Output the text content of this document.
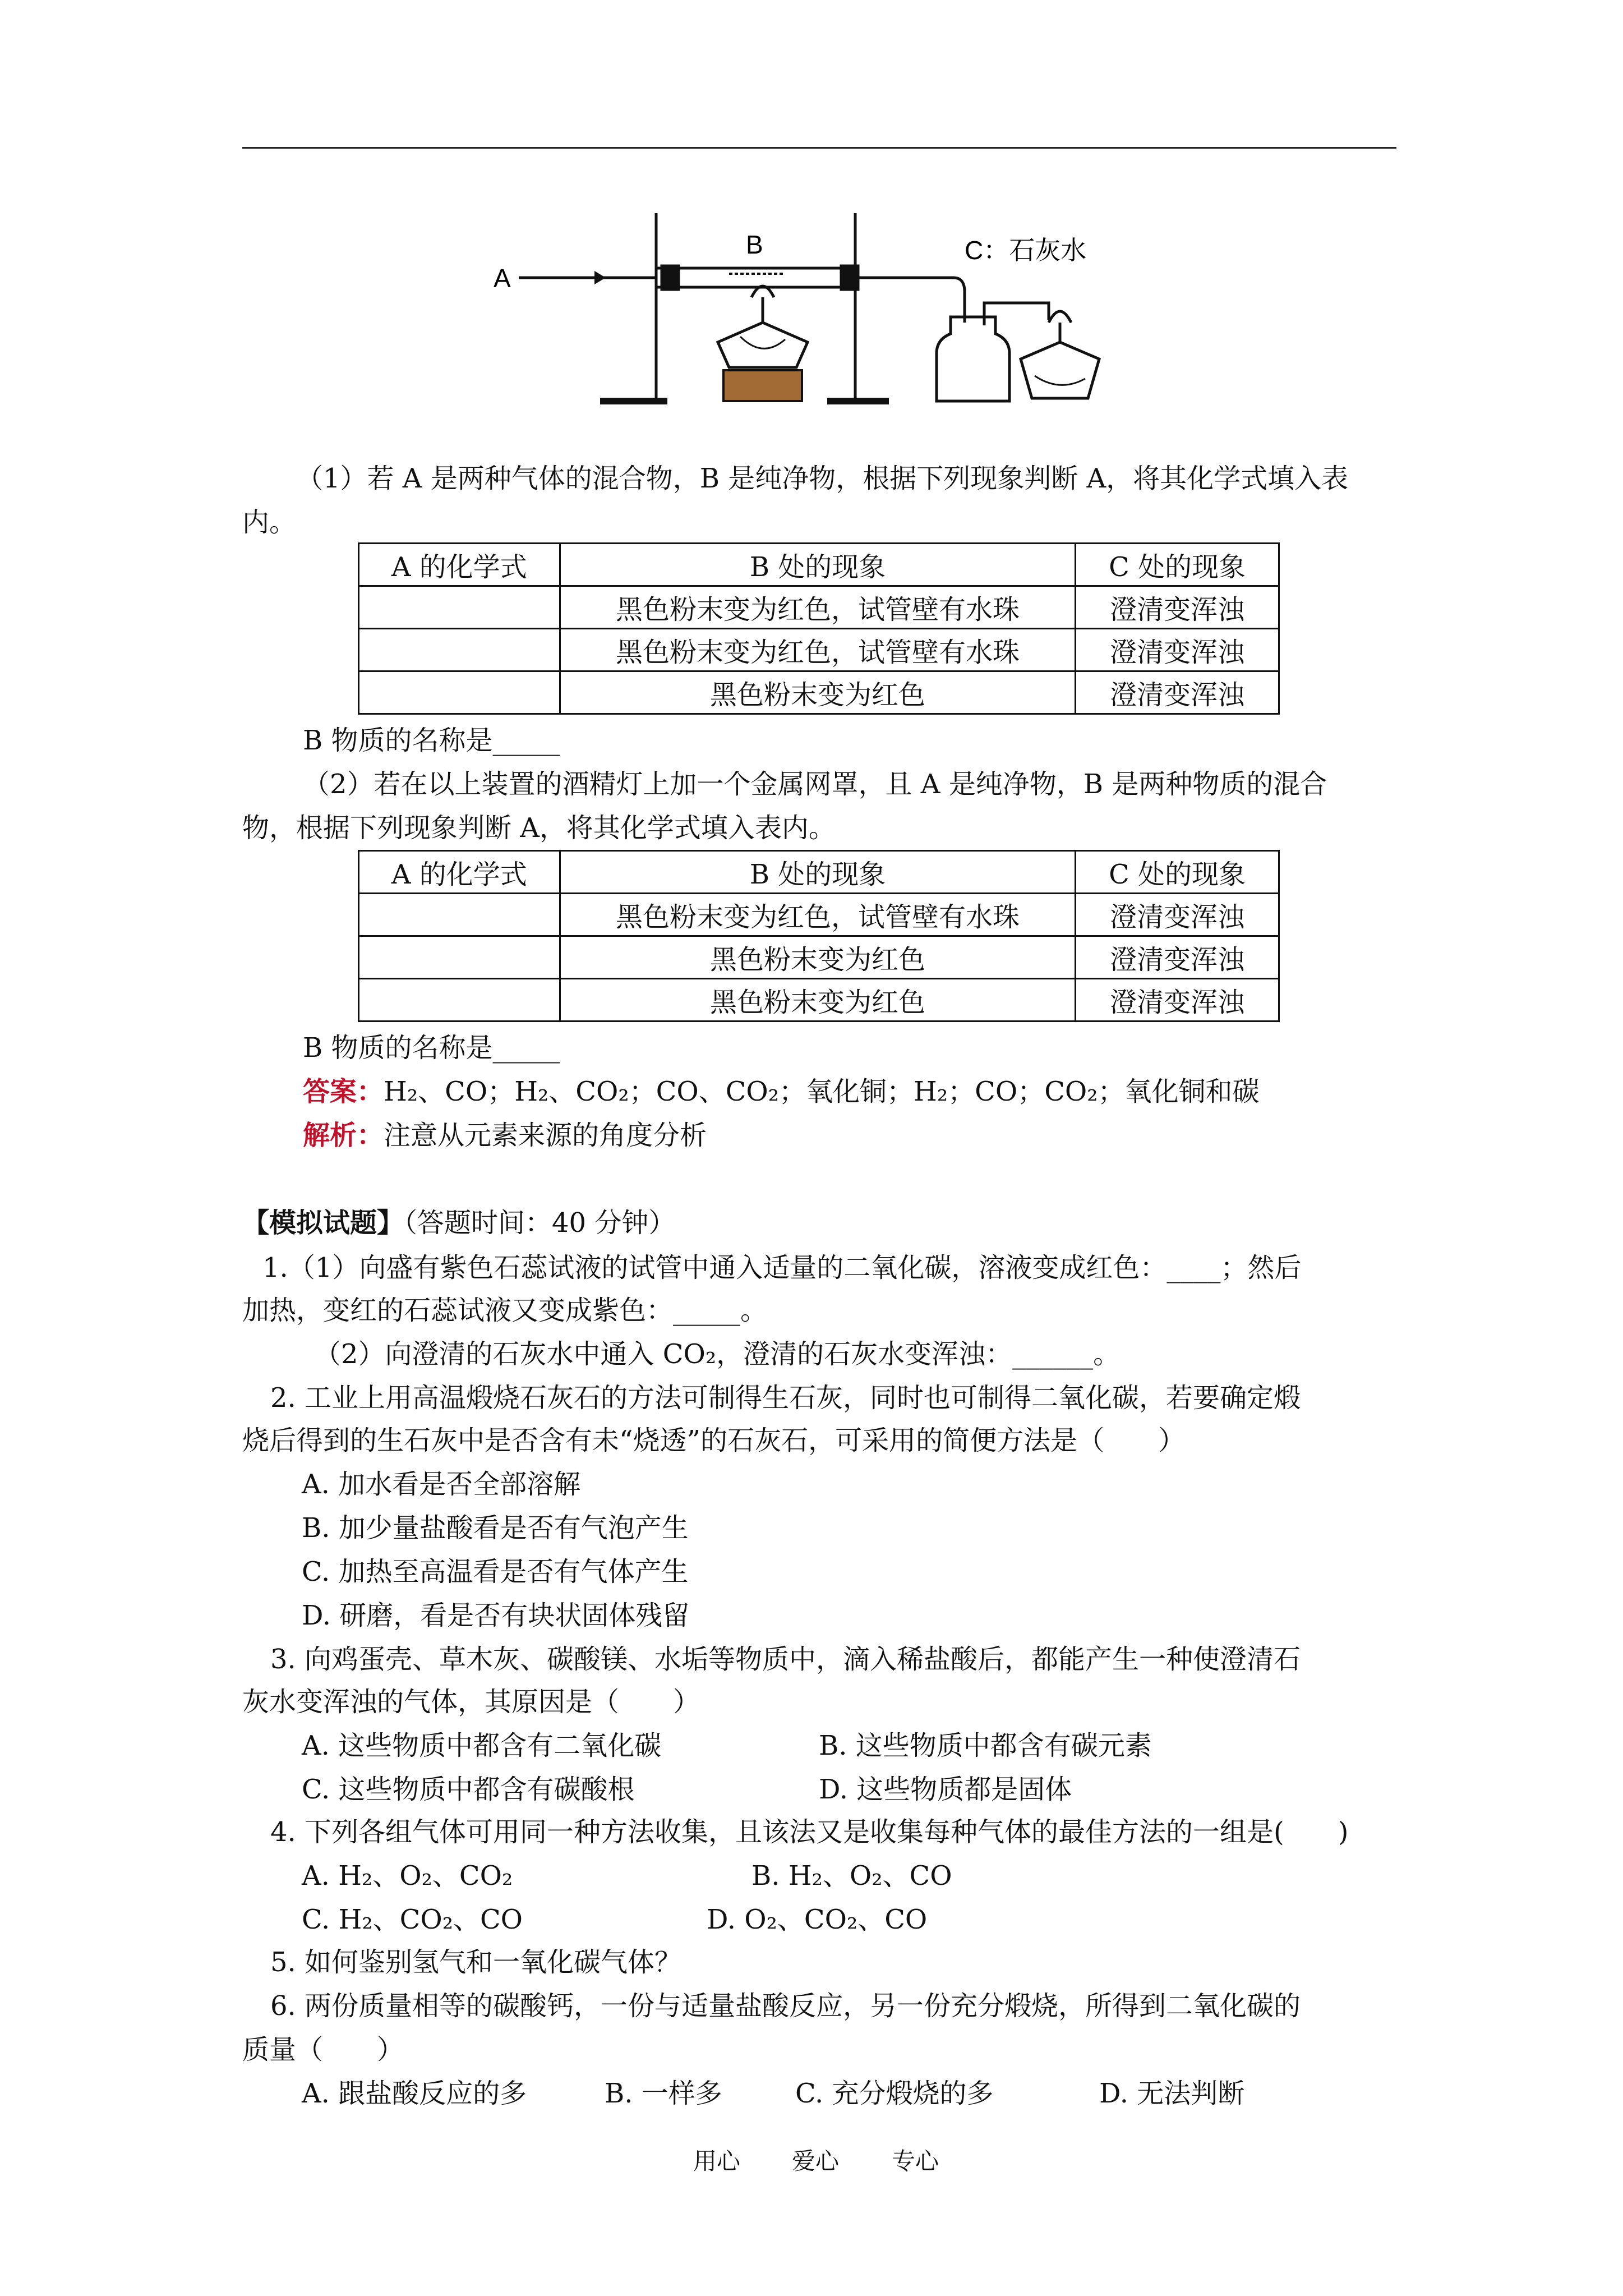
A
B	C：石灰水
（1）若 A 是两种气体的混合物，B 是纯净物，根据下列现象判断 A，将其化学式填入表
内。
A 的化学式	B 处的现象	C 处的现象
	黑色粉末变为红色，试管壁有水珠	澄清变浑浊
	黑色粉末变为红色，试管壁有水珠	澄清变浑浊
	黑色粉末变为红色	澄清变浑浊
B 物质的名称是_____
（2）若在以上装置的酒精灯上加一个金属网罩，且 A 是纯净物，B 是两种物质的混合
物，根据下列现象判断 A，将其化学式填入表内。
A 的化学式	B 处的现象	C 处的现象
	黑色粉末变为红色，试管壁有水珠	澄清变浑浊
	黑色粉末变为红色	澄清变浑浊
	黑色粉末变为红色	澄清变浑浊
B 物质的名称是_____
答案：H₂、CO；H₂、CO₂；CO、CO₂；氧化铜；H₂；CO；CO₂；氧化铜和碳
解析：注意从元素来源的角度分析
【模拟试题】（答题时间：40 分钟）
1.（1）向盛有紫色石蕊试液的试管中通入适量的二氧化碳，溶液变成红色：____；然后
加热，变红的石蕊试液又变成紫色：_____。
（2）向澄清的石灰水中通入 CO₂，澄清的石灰水变浑浊：______。
2. 工业上用高温煅烧石灰石的方法可制得生石灰，同时也可制得二氧化碳，若要确定煅
烧后得到的生石灰中是否含有未“烧透”的石灰石，可采用的简便方法是（　　）
A. 加水看是否全部溶解
B. 加少量盐酸看是否有气泡产生
C. 加热至高温看是否有气体产生
D. 研磨，看是否有块状固体残留
3. 向鸡蛋壳、草木灰、碳酸镁、水垢等物质中，滴入稀盐酸后，都能产生一种使澄清石
灰水变浑浊的气体，其原因是（　　）
A. 这些物质中都含有二氧化碳	B. 这些物质中都含有碳元素
C. 这些物质中都含有碳酸根	D. 这些物质都是固体
4. 下列各组气体可用同一种方法收集，且该法又是收集每种气体的最佳方法的一组是(　　)
A. H₂、O₂、CO₂	B. H₂、O₂、CO
C. H₂、CO₂、CO	D. O₂、CO₂、CO
5. 如何鉴别氢气和一氧化碳气体？
6. 两份质量相等的碳酸钙，一份与适量盐酸反应，另一份充分煅烧，所得到二氧化碳的
质量（　　）
A. 跟盐酸反应的多	B. 一样多	C. 充分煅烧的多	D. 无法判断
用心 爱心 专心
